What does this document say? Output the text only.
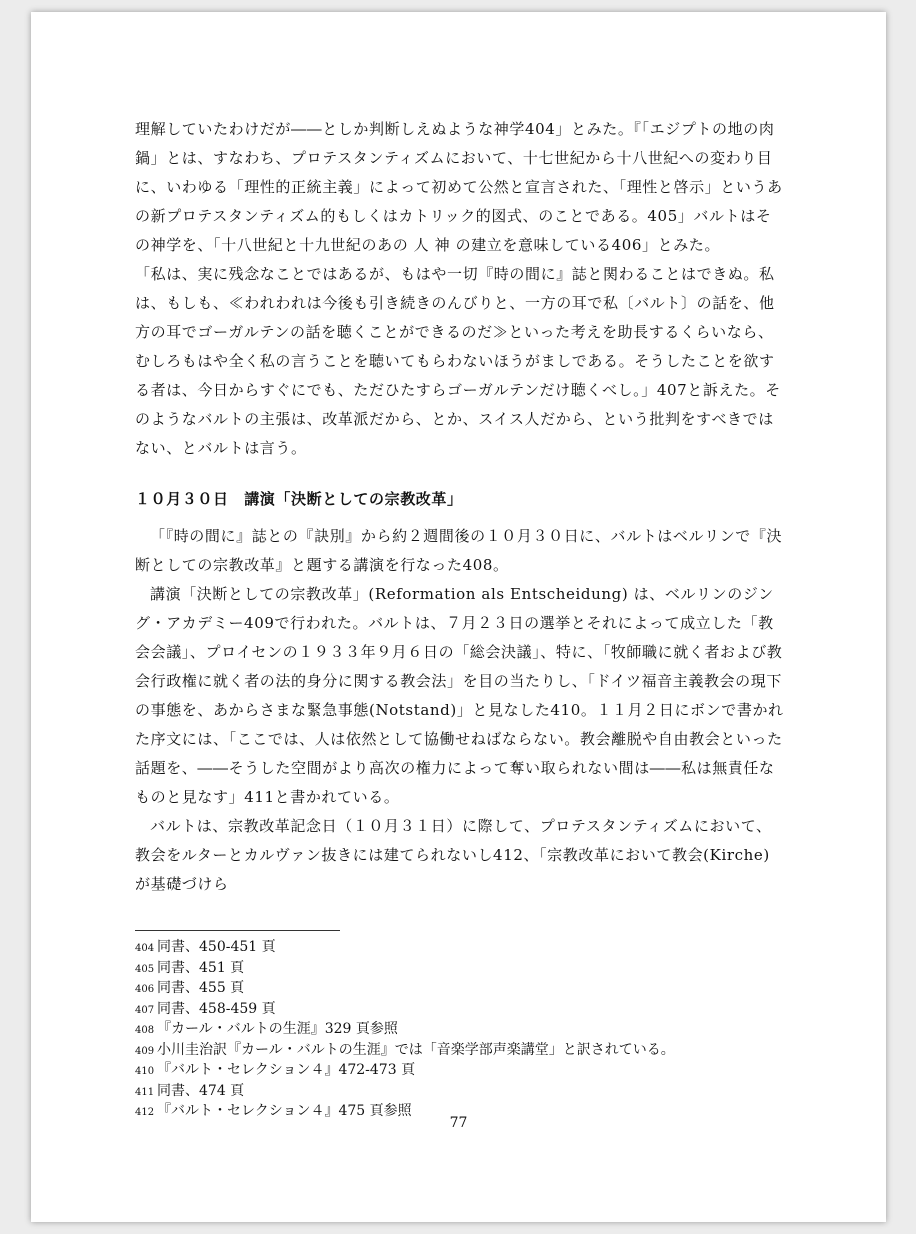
理解していたわけだが――としか判断しえぬような神学404」とみた。『「エジプトの地の肉鍋」とは、すなわち、プロテスタンティズムにおいて、十七世紀から十八世紀への変わり目に、いわゆる「理性的正統主義」によって初めて公然と宣言された、「理性と啓示」というあの新プロテスタンティズム的もしくはカトリック的図式、のことである。405」バルトはその神学を、「十八世紀と十九世紀のあの 人 神 の建立を意味している406」とみた。

「私は、実に残念なことではあるが、もはや一切『時の間に』誌と関わることはできぬ。私は、もしも、≪われわれは今後も引き続きのんびりと、一方の耳で私〔バルト〕の話を、他方の耳でゴーガルテンの話を聴くことができるのだ≫といった考えを助長するくらいなら、むしろもはや全く私の言うことを聴いてもらわないほうがましである。そうしたことを欲する者は、今日からすぐにでも、ただひたすらゴーガルテンだけ聴くべし。」407と訴えた。そのようなバルトの主張は、改革派だから、とか、スイス人だから、という批判をすべきではない、とバルトは言う。

１０月３０日　講演「決断としての宗教改革」

「『時の間に』誌との『訣別』から約２週間後の１０月３０日に、バルトはベルリンで『決断としての宗教改革』と題する講演を行なった408。

講演「決断としての宗教改革」(Reformation als Entscheidung) は、ベルリンのジング・アカデミー409で行われた。バルトは、７月２３日の選挙とそれによって成立した「教会会議」、プロイセンの１９３３年９月６日の「総会決議」、特に、「牧師職に就く者および教会行政権に就く者の法的身分に関する教会法」を目の当たりし、「ドイツ福音主義教会の現下の事態を、あからさまな緊急事態(Notstand)」と見なした410。１１月２日にボンで書かれた序文には、「ここでは、人は依然として協働せねばならない。教会離脱や自由教会といった話題を、――そうした空間がより高次の権力によって奪い取られない間は――私は無責任なものと見なす」411と書かれている。

バルトは、宗教改革記念日（１０月３１日）に際して、プロテスタンティズムにおいて、教会をルターとカルヴァン抜きには建てられないし412、「宗教改革において教会(Kirche)が基礎づけら

404 同書、450-451 頁
405 同書、451 頁
406 同書、455 頁
407 同書、458-459 頁
408 『カール・バルトの生涯』329 頁参照
409 小川圭治訳『カール・バルトの生涯』では「音楽学部声楽講堂」と訳されている。
410 『バルト・セレクション４』472-473 頁
411 同書、474 頁
412 『バルト・セレクション４』475 頁参照
77
